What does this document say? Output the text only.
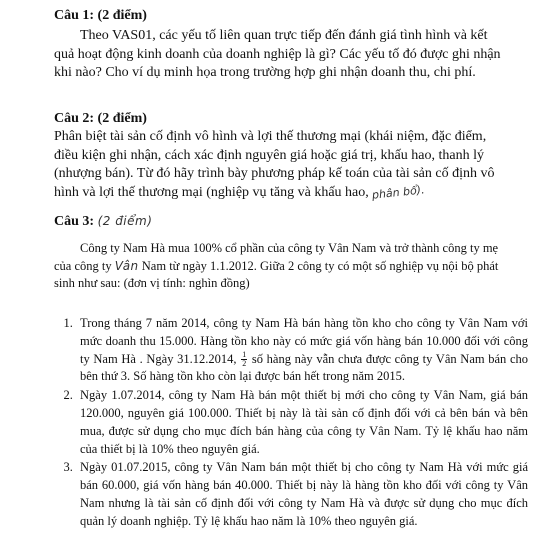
Câu 1: (2 điểm)

Theo VAS01, các yếu tố liên quan trực tiếp đến đánh giá tình hình và kết quả hoạt động kinh doanh của doanh nghiệp là gì? Các yếu tố đó được ghi nhận khi nào? Cho ví dụ minh họa trong trường hợp ghi nhận doanh thu, chi phí.

Câu 2: (2 điểm)

Phân biệt tài sản cố định vô hình và lợi thế thương mại (khái niệm, đặc điểm, điều kiện ghi nhận, cách xác định nguyên giá hoặc giá trị, khấu hao, thanh lý (nhượng bán). Từ đó hãy trình bày phương pháp kế toán của tài sản cố định vô hình và lợi thế thương mại (nghiệp vụ tăng và khấu hao, phân bổ).

Câu 3: (2 điểm)

Công ty Nam Hà mua 100% cổ phần của công ty Vân Nam và trở thành công ty mẹ của công ty Vân Nam từ ngày 1.1.2012. Giữa 2 công ty có một số nghiệp vụ nội bộ phát sinh như sau: (đơn vị tính: nghìn đồng)

1. Trong tháng 7 năm 2014, công ty Nam Hà bán hàng tồn kho cho công ty Vân Nam với mức doanh thu 15.000. Hàng tồn kho này có mức giá vốn hàng bán 10.000 đối với công ty Nam Hà . Ngày 31.12.2014, $\frac{1}{2}$ số hàng này vẫn chưa được công ty Vân Nam bán cho bên thứ 3. Số hàng tồn kho còn lại được bán hết trong năm 2015.
2. Ngày 1.07.2014, công ty Nam Hà bán một thiết bị mới cho công ty Vân Nam, giá bán 120.000, nguyên giá 100.000. Thiết bị này là tài sản cố định đối với cả bên bán và bên mua, được sử dụng cho mục đích bán hàng của công ty Vân Nam. Tỷ lệ khấu hao năm của thiết bị là 10% theo nguyên giá.
3. Ngày 01.07.2015, công ty Vân Nam bán một thiết bị cho công ty Nam Hà với mức giá bán 60.000, giá vốn hàng bán 40.000. Thiết bị này là hàng tồn kho đối với công ty Vân Nam nhưng là tài sản cố định đối với công ty Nam Hà và được sử dụng cho mục đích quản lý doanh nghiệp. Tỷ lệ khấu hao năm là 10% theo nguyên giá.
